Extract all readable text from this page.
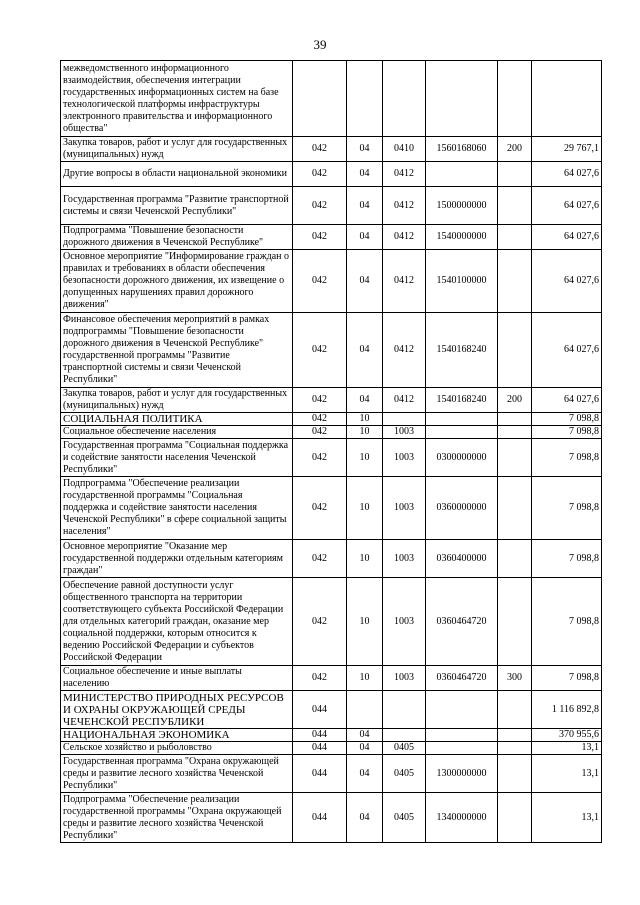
39
межведомственного информационного взаимодействия, обеспечения интеграции государственных информационных систем на базе технологической платформы инфраструктуры электронного правительства и информационного общества"						
Закупка товаров, работ и услуг для государственных (муниципальных) нужд	042	04	0410	1560168060	200	29 767,1
Другие вопросы в области национальной экономики	042	04	0412			64 027,6
Государственная программа "Развитие транспортной системы и связи Чеченской Республики"	042	04	0412	1500000000		64 027,6
Подпрограмма "Повышение безопасности дорожного движения в Чеченской Республике"	042	04	0412	1540000000		64 027,6
Основное мероприятие "Информирование граждан о правилах и требованиях в области обеспечения безопасности дорожного движения, их извещение о допущенных нарушениях правил дорожного движения"	042	04	0412	1540100000		64 027,6
Финансовое обеспечения мероприятий в рамках подпрограммы "Повышение безопасности дорожного движения в Чеченской Республике" государственной программы "Развитие транспортной системы и связи Чеченской Республики"	042	04	0412	1540168240		64 027,6
Закупка товаров, работ и услуг для государственных (муниципальных) нужд	042	04	0412	1540168240	200	64 027,6
СОЦИАЛЬНАЯ ПОЛИТИКА	042	10				7 098,8
Социальное обеспечение населения	042	10	1003			7 098,8
Государственная программа "Социальная поддержка и содействие занятости населения Чеченской Республики"	042	10	1003	0300000000		7 098,8
Подпрограмма "Обеспечение реализации государственной программы "Социальная поддержка и содействие занятости населения Чеченской Республики" в сфере социальной защиты населения"	042	10	1003	0360000000		7 098,8
Основное мероприятие "Оказание мер государственной поддержки отдельным категориям граждан"	042	10	1003	0360400000		7 098,8
Обеспечение равной доступности услуг общественного транспорта на территории соответствующего субъекта Российской Федерации для отдельных категорий граждан, оказание мер социальной поддержки, которым относится к ведению Российской Федерации и субъектов Российской Федерации	042	10	1003	0360464720		7 098,8
Социальное обеспечение и иные выплаты населению	042	10	1003	0360464720	300	7 098,8
МИНИСТЕРСТВО ПРИРОДНЫХ РЕСУРСОВ И ОХРАНЫ ОКРУЖАЮЩЕЙ СРЕДЫ ЧЕЧЕНСКОЙ РЕСПУБЛИКИ	044					1 116 892,8
НАЦИОНАЛЬНАЯ ЭКОНОМИКА	044	04				370 955,6
Сельское хозяйство и рыболовство	044	04	0405			13,1
Государственная программа "Охрана окружающей среды и развитие лесного хозяйства Чеченской Республики"	044	04	0405	1300000000		13,1
Подпрограмма "Обеспечение реализации государственной программы "Охрана окружающей среды и развитие лесного хозяйства Чеченской Республики"	044	04	0405	1340000000		13,1
